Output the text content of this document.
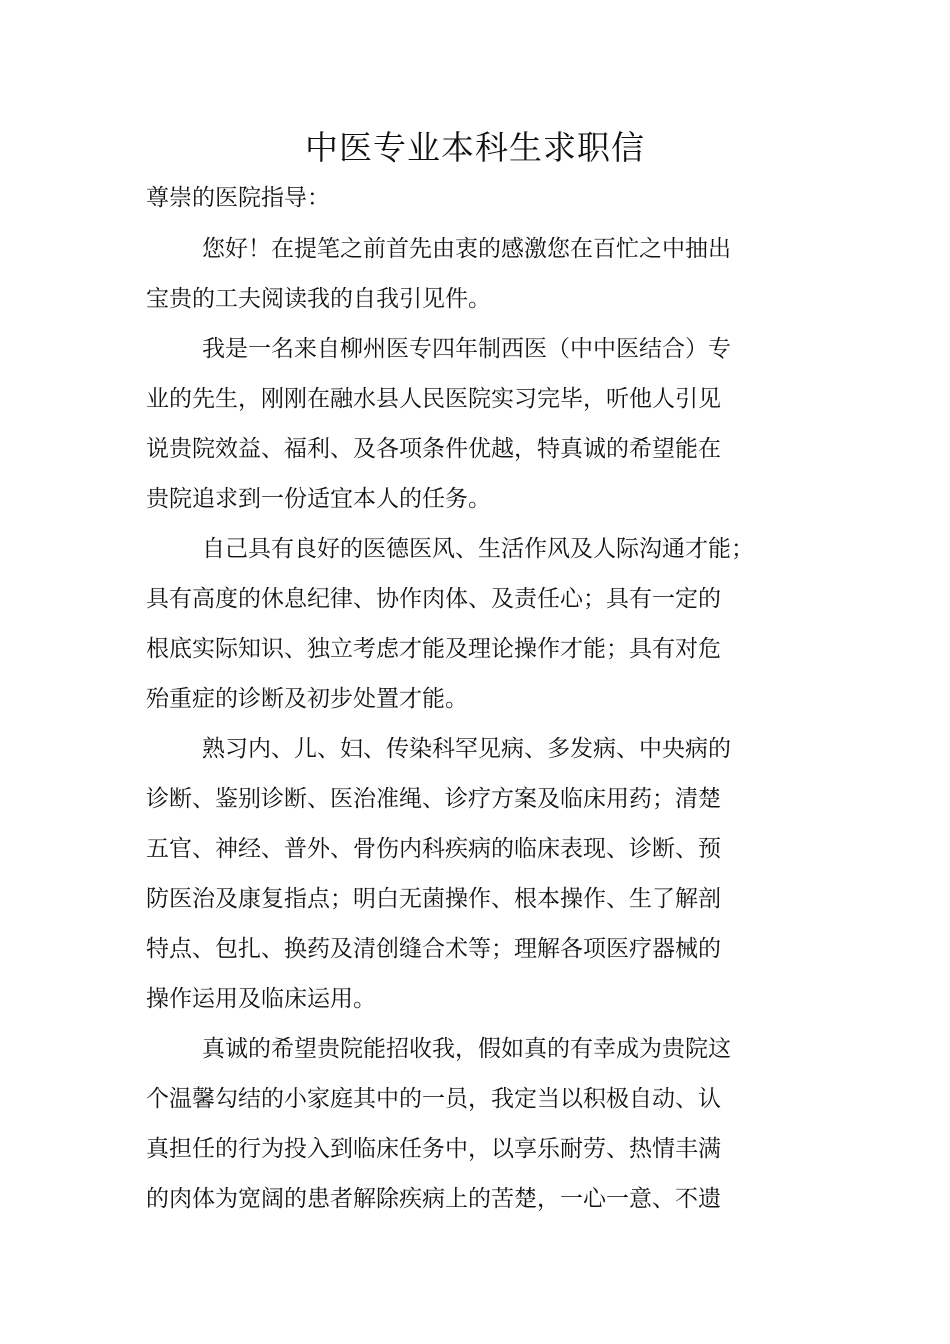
中医专业本科生求职信
尊崇的医院指导：
您好！在提笔之前首先由衷的感激您在百忙之中抽出
宝贵的工夫阅读我的自我引见件。
我是一名来自柳州医专四年制西医（中中医结合）专
业的先生，刚刚在融水县人民医院实习完毕，听他人引见
说贵院效益、福利、及各项条件优越，特真诚的希望能在
贵院追求到一份适宜本人的任务。
自己具有良好的医德医风、生活作风及人际沟通才能；
具有高度的休息纪律、协作肉体、及责任心；具有一定的
根底实际知识、独立考虑才能及理论操作才能；具有对危
殆重症的诊断及初步处置才能。
熟习内、儿、妇、传染科罕见病、多发病、中央病的
诊断、鉴别诊断、医治准绳、诊疗方案及临床用药；清楚
五官、神经、普外、骨伤内科疾病的临床表现、诊断、预
防医治及康复指点；明白无菌操作、根本操作、生了解剖
特点、包扎、换药及清创缝合术等；理解各项医疗器械的
操作运用及临床运用。
真诚的希望贵院能招收我，假如真的有幸成为贵院这
个温馨勾结的小家庭其中的一员，我定当以积极自动、认
真担任的行为投入到临床任务中，以享乐耐劳、热情丰满
的肉体为宽阔的患者解除疾病上的苦楚，一心一意、不遗
